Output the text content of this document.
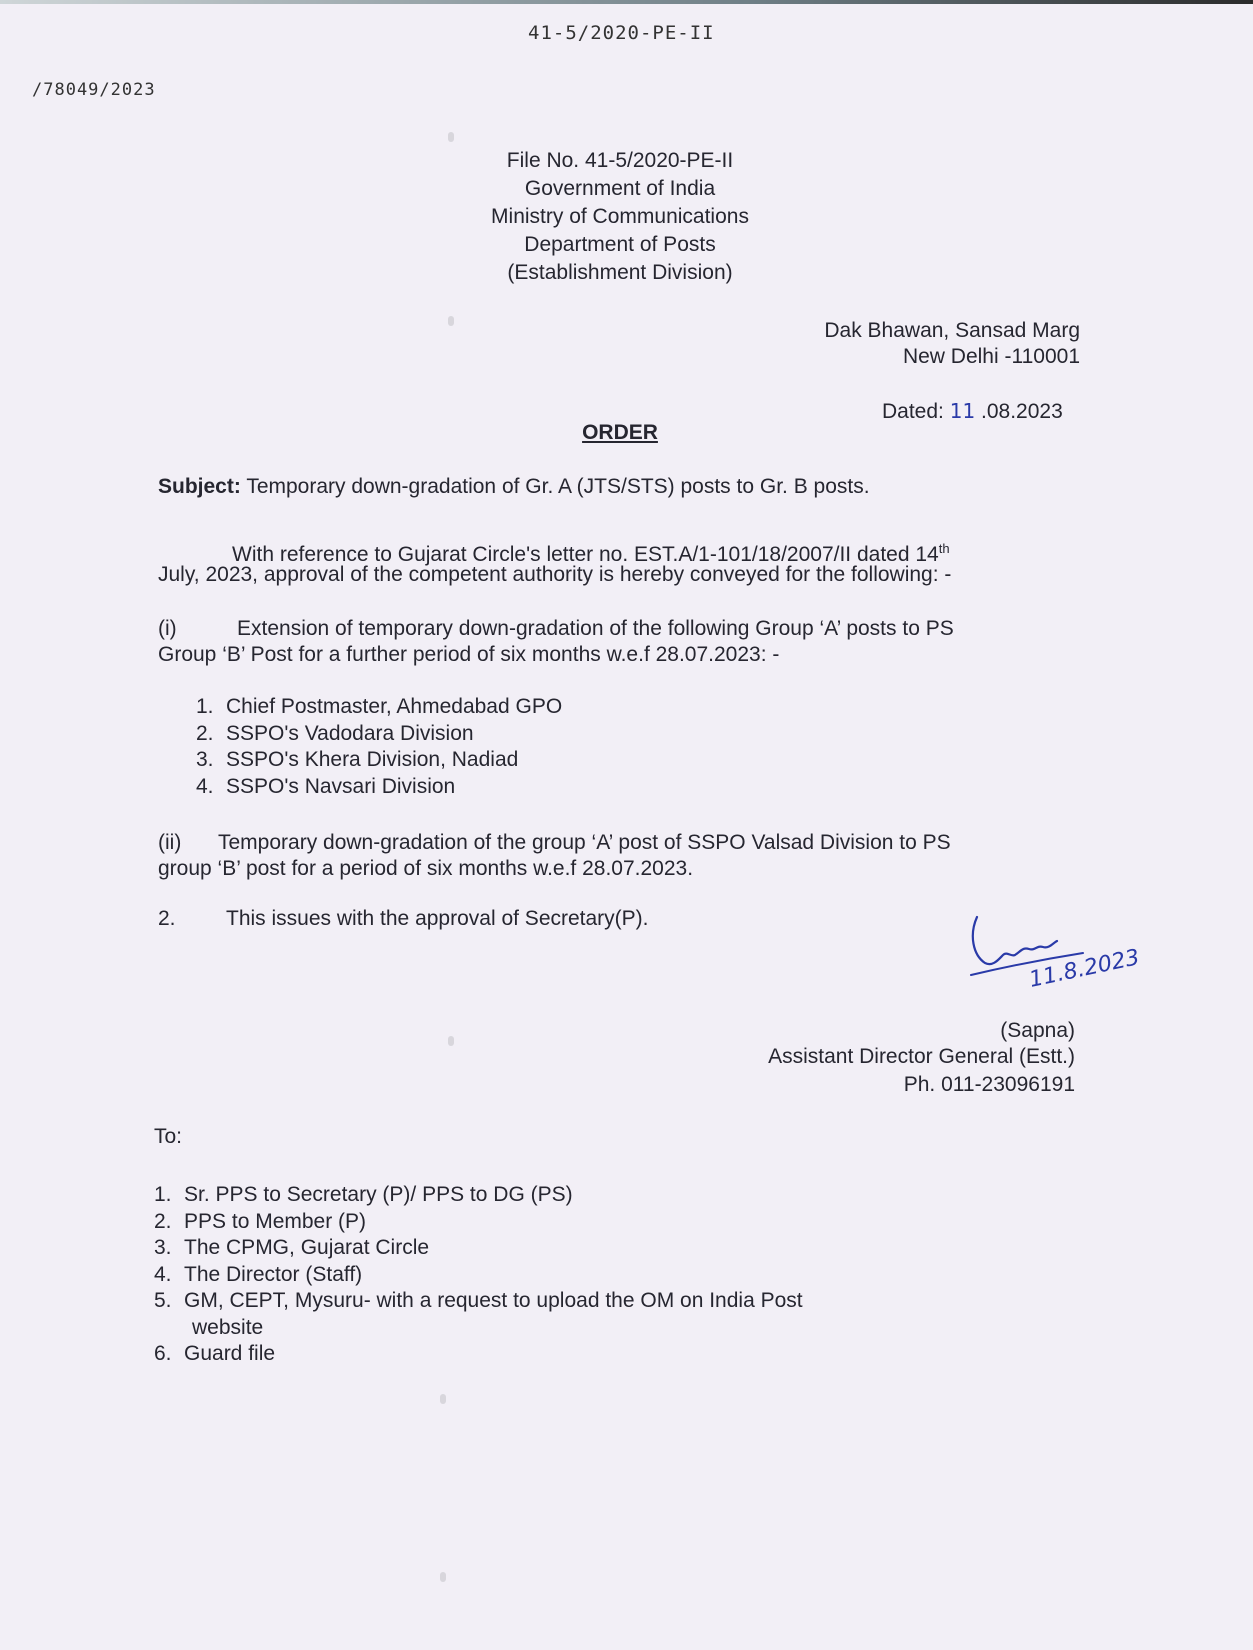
41-5/2020-PE-II
/78049/2023
File No. 41-5/2020-PE-II
Government of India
Ministry of Communications
Department of Posts
(Establishment Division)
Dak Bhawan, Sansad Marg
New Delhi -110001
Dated: 11 .08.2023
ORDER
Subject: Temporary down-gradation of Gr. A (JTS/STS) posts to Gr. B posts.
With reference to Gujarat Circle's letter no. EST.A/1-101/18/2007/II dated 14th
July, 2023, approval of the competent authority is hereby conveyed for the following: -
(i)	Extension of temporary down-gradation of the following Group ‘A’ posts to PS
Group ‘B’ Post for a further period of six months w.e.f 28.07.2023: -
1. Chief Postmaster, Ahmedabad GPO
2. SSPO's Vadodara Division
3. SSPO's Khera Division, Nadiad
4. SSPO's Navsari Division
(ii) Temporary down-gradation of the group ‘A’ post of SSPO Valsad Division to PS
group ‘B’ post for a period of six months w.e.f 28.07.2023.
2. This issues with the approval of Secretary(P).
11.8.2023
(Sapna)
Assistant Director General (Estt.)
Ph. 011-23096191
To:
1. Sr. PPS to Secretary (P)/ PPS to DG (PS)
2. PPS to Member (P)
3. The CPMG, Gujarat Circle
4. The Director (Staff)
5. GM, CEPT, Mysuru- with a request to upload the OM on India Post
website
6. Guard file
